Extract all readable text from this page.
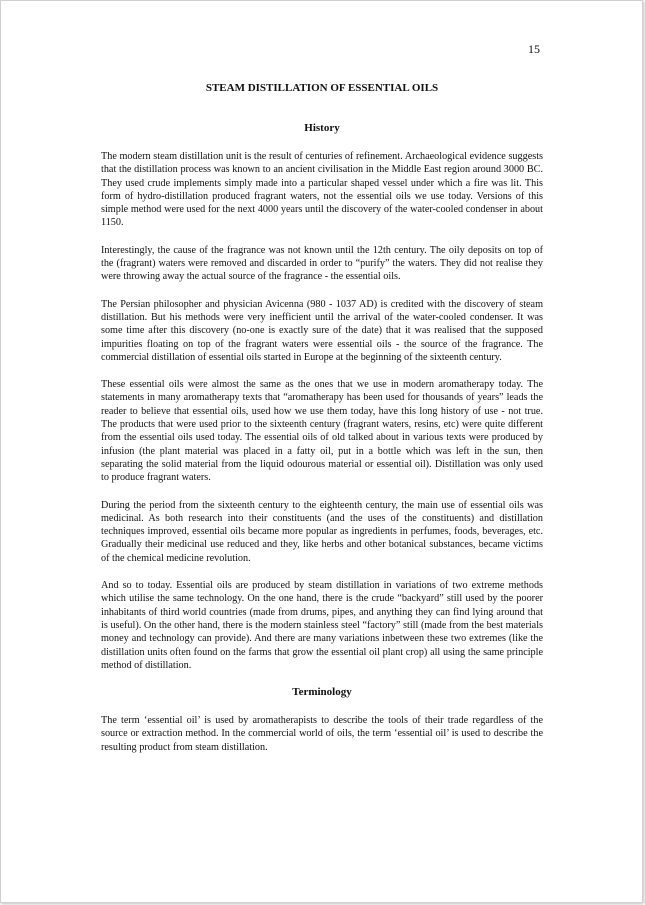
15
STEAM DISTILLATION OF ESSENTIAL OILS
History

The modern steam distillation unit is the result of centuries of refinement. Archaeological evidence suggests that the distillation process was known to an ancient civilisation in the Middle East region around 3000 BC. They used crude implements simply made into a particular shaped vessel under which a fire was lit. This form of hydro-distillation produced fragrant waters, not the essential oils we use today. Versions of this simple method were used for the next 4000 years until the discovery of the water-cooled condenser in about 1150.

Interestingly, the cause of the fragrance was not known until the 12th century. The oily deposits on top of the (fragrant) waters were removed and discarded in order to “purify” the waters. They did not realise they were throwing away the actual source of the fragrance - the essential oils.

The Persian philosopher and physician Avicenna (980 - 1037 AD) is credited with the discovery of steam distillation. But his methods were very inefficient until the arrival of the water-cooled condenser. It was some time after this discovery (no-one is exactly sure of the date) that it was realised that the supposed impurities floating on top of the fragrant waters were essential oils - the source of the fragrance. The commercial distillation of essential oils started in Europe at the beginning of the sixteenth century.

These essential oils were almost the same as the ones that we use in modern aromatherapy today. The statements in many aromatherapy texts that “aromatherapy has been used for thousands of years” leads the reader to believe that essential oils, used how we use them today, have this long history of use - not true. The products that were used prior to the sixteenth century (fragrant waters, resins, etc) were quite different from the essential oils used today. The essential oils of old talked about in various texts were produced by infusion (the plant material was placed in a fatty oil, put in a bottle which was left in the sun, then separating the solid material from the liquid odourous material or essential oil). Distillation was only used to produce fragrant waters.

During the period from the sixteenth century to the eighteenth century, the main use of essential oils was medicinal. As both research into their constituents (and the uses of the constituents) and distillation techniques improved, essential oils became more popular as ingredients in perfumes, foods, beverages, etc. Gradually their medicinal use reduced and they, like herbs and other botanical substances, became victims of the chemical medicine revolution.

And so to today. Essential oils are produced by steam distillation in variations of two extreme methods which utilise the same technology. On the one hand, there is the crude “backyard” still used by the poorer inhabitants of third world countries (made from drums, pipes, and anything they can find lying around that is useful). On the other hand, there is the modern stainless steel “factory” still (made from the best materials money and technology can provide). And there are many variations inbetween these two extremes (like the distillation units often found on the farms that grow the essential oil plant crop) all using the same principle method of distillation.

Terminology

The term ‘essential oil’ is used by aromatherapists to describe the tools of their trade regardless of the source or extraction method. In the commercial world of oils, the term ‘essential oil’ is used to describe the resulting product from steam distillation.
